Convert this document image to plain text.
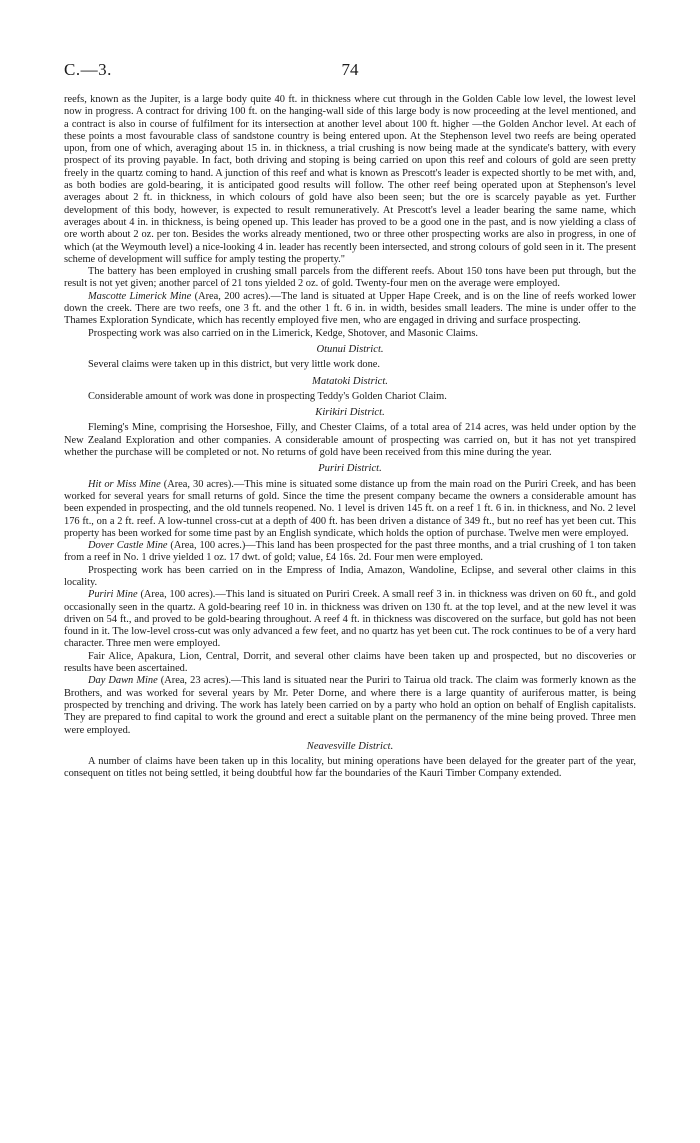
C.—3.	74

reefs, known as the Jupiter, is a large body quite 40 ft. in thickness where cut through in the Golden Cable low level, the lowest level now in progress. A contract for driving 100 ft. on the hanging-wall side of this large body is now proceeding at the level mentioned, and a contract is also in course of fulfilment for its intersection at another level about 100 ft. higher —the Golden Anchor level. At each of these points a most favourable class of sandstone country is being entered upon. At the Stephenson level two reefs are being operated upon, from one of which, averaging about 15 in. in thickness, a trial crushing is now being made at the syndicate's battery, with every prospect of its proving payable. In fact, both driving and stoping is being carried on upon this reef and colours of gold are seen pretty freely in the quartz coming to hand. A junction of this reef and what is known as Prescott's leader is expected shortly to be met with, and, as both bodies are gold-bearing, it is anticipated good results will follow. The other reef being operated upon at Stephenson's level averages about 2 ft. in thickness, in which colours of gold have also been seen; but the ore is scarcely payable as yet. Further development of this body, however, is expected to result remuneratively. At Prescott's level a leader bearing the same name, which averages about 4 in. in thickness, is being opened up. This leader has proved to be a good one in the past, and is now yielding a class of ore worth about 2 oz. per ton. Besides the works already mentioned, two or three other prospecting works are also in progress, in one of which (at the Weymouth level) a nice-looking 4 in. leader has recently been intersected, and strong colours of gold seen in it. The present scheme of development will suffice for amply testing the property."

The battery has been employed in crushing small parcels from the different reefs. About 150 tons have been put through, but the result is not yet given; another parcel of 21 tons yielded 2 oz. of gold. Twenty-four men on the average were employed.

Mascotte Limerick Mine (Area, 200 acres).—The land is situated at Upper Hape Creek, and is on the line of reefs worked lower down the creek. There are two reefs, one 3 ft. and the other 1 ft. 6 in. in width, besides small leaders. The mine is under offer to the Thames Exploration Syndicate, which has recently employed five men, who are engaged in driving and surface prospecting.

Prospecting work was also carried on in the Limerick, Kedge, Shotover, and Masonic Claims.

Otunui District.

Several claims were taken up in this district, but very little work done.

Matatoki District.

Considerable amount of work was done in prospecting Teddy's Golden Chariot Claim.

Kirikiri District.

Fleming's Mine, comprising the Horseshoe, Filly, and Chester Claims, of a total area of 214 acres, was held under option by the New Zealand Exploration and other companies. A considerable amount of prospecting was carried on, but it has not yet transpired whether the purchase will be completed or not. No returns of gold have been received from this mine during the year.

Puriri District.

Hit or Miss Mine (Area, 30 acres).—This mine is situated some distance up from the main road on the Puriri Creek, and has been worked for several years for small returns of gold. Since the time the present company became the owners a considerable amount has been expended in prospecting, and the old tunnels reopened. No. 1 level is driven 145 ft. on a reef 1 ft. 6 in. in thickness, and No. 2 level 176 ft., on a 2 ft. reef. A low-tunnel cross-cut at a depth of 400 ft. has been driven a distance of 349 ft., but no reef has yet been cut. This property has been worked for some time past by an English syndicate, which holds the option of purchase. Twelve men were employed.

Dover Castle Mine (Area, 100 acres.)—This land has been prospected for the past three months, and a trial crushing of 1 ton taken from a reef in No. 1 drive yielded 1 oz. 17 dwt. of gold; value, £4 16s. 2d. Four men were employed.

Prospecting work has been carried on in the Empress of India, Amazon, Wandoline, Eclipse, and several other claims in this locality.

Puriri Mine (Area, 100 acres).—This land is situated on Puriri Creek. A small reef 3 in. in thickness was driven on 60 ft., and gold occasionally seen in the quartz. A gold-bearing reef 10 in. in thickness was driven on 130 ft. at the top level, and at the new level it was driven on 54 ft., and proved to be gold-bearing throughout. A reef 4 ft. in thickness was discovered on the surface, but gold has not been found in it. The low-level cross-cut was only advanced a few feet, and no quartz has yet been cut. The rock continues to be of a very hard character. Three men were employed.

Fair Alice, Apakura, Lion, Central, Dorrit, and several other claims have been taken up and prospected, but no discoveries or results have been ascertained.

Day Dawn Mine (Area, 23 acres).—This land is situated near the Puriri to Tairua old track. The claim was formerly known as the Brothers, and was worked for several years by Mr. Peter Dorne, and where there is a large quantity of auriferous matter, is being prospected by trenching and driving. The work has lately been carried on by a party who hold an option on behalf of English capitalists. They are prepared to find capital to work the ground and erect a suitable plant on the permanency of the mine being proved. Three men were employed.

Neavesville District.

A number of claims have been taken up in this locality, but mining operations have been delayed for the greater part of the year, consequent on titles not being settled, it being doubtful how far the boundaries of the Kauri Timber Company extended.
